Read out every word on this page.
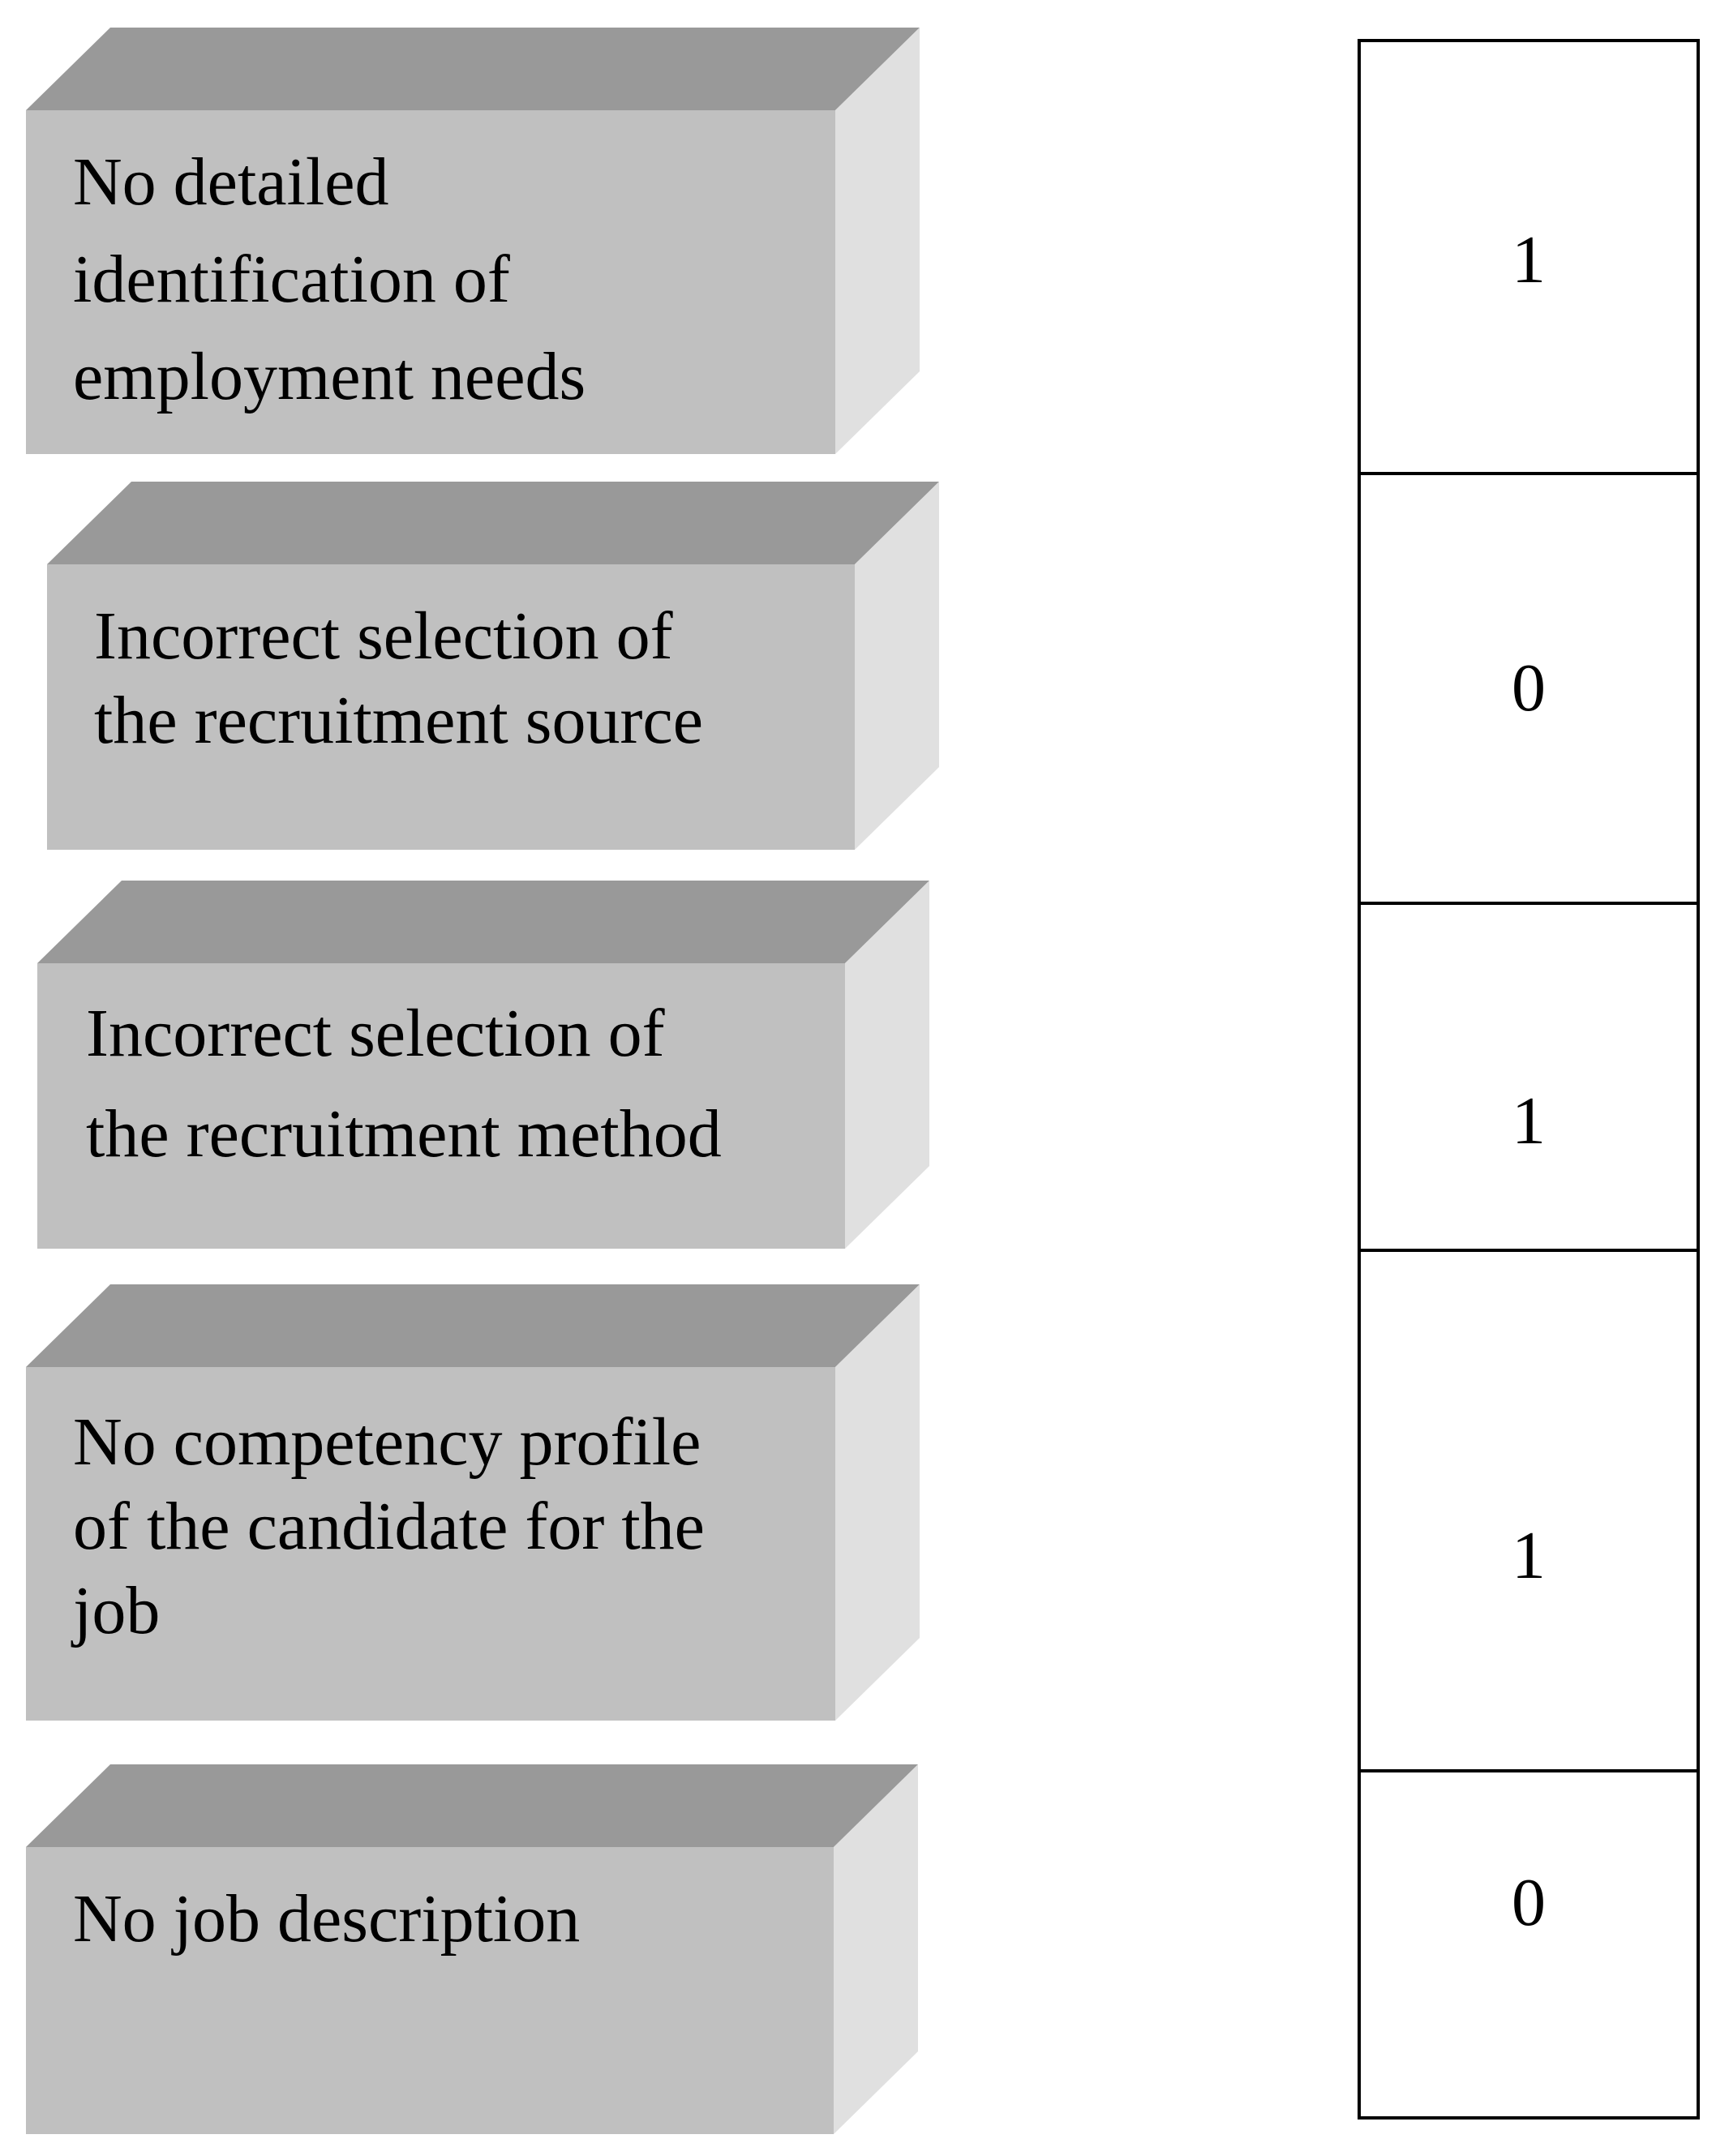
No detailed
identification of
employment needs
Incorrect selection of
the recruitment source
Incorrect selection of
the recruitment method
No competency profile
of the candidate for the
job
No job description
1
0
1
1
0
